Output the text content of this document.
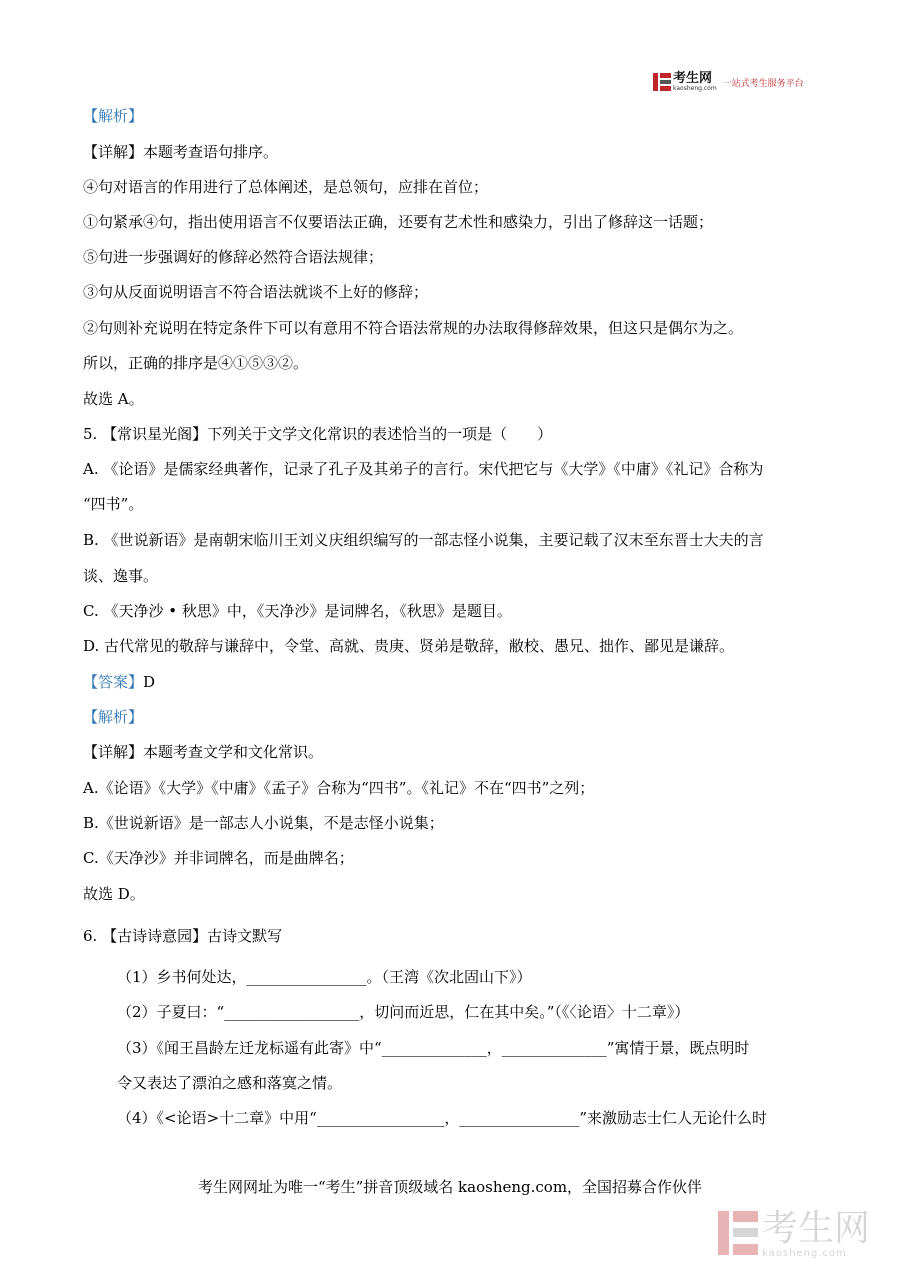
考生网
kaosheng.com 一站式考生服务平台
【解析】
【详解】本题考查语句排序。
④句对语言的作用进行了总体阐述，是总领句，应排在首位；
①句紧承④句，指出使用语言不仅要语法正确，还要有艺术性和感染力，引出了修辞这一话题；
⑤句进一步强调好的修辞必然符合语法规律；
③句从反面说明语言不符合语法就谈不上好的修辞；
②句则补充说明在特定条件下可以有意用不符合语法常规的办法取得修辞效果，但这只是偶尔为之。
所以，正确的排序是④①⑤③②。
故选 A。
5. 【常识星光阁】下列关于文学文化常识的表述恰当的一项是（　　）
A. 《论语》是儒家经典著作，记录了孔子及其弟子的言行。宋代把它与《大学》《中庸》《礼记》合称为
“四书”。
B. 《世说新语》是南朝宋临川王刘义庆组织编写的一部志怪小说集，主要记载了汉末至东晋士大夫的言
谈、逸事。
C. 《天净沙 • 秋思》中，《天净沙》是词牌名，《秋思》是题目。
D. 古代常见的敬辞与谦辞中，令堂、高就、贵庚、贤弟是敬辞，敝校、愚兄、拙作、鄙见是谦辞。
【答案】D
【解析】
【详解】本题考查文学和文化常识。
A.《论语》《大学》《中庸》《孟子》合称为“四书”。《礼记》不在“四书”之列；
B.《世说新语》是一部志人小说集，不是志怪小说集；
C.《天净沙》并非词牌名，而是曲牌名；
故选 D。
6. 【古诗诗意园】古诗文默写
（1）乡书何处达，________________。（王湾《次北固山下》）
（2）子夏曰：“__________________，切问而近思，仁在其中矣。”（《〈论语〉十二章》）
（3）《闻王昌龄左迁龙标遥有此寄》中“______________，______________”寓情于景，既点明时
令又表达了漂泊之感和落寞之情。
（4）《<论语>十二章》中用“_________________，________________”来激励志士仁人无论什么时
考生网网址为唯一“考生”拼音顶级域名 kaosheng.com，全国招募合作伙伴
考生网
kaosheng.com
